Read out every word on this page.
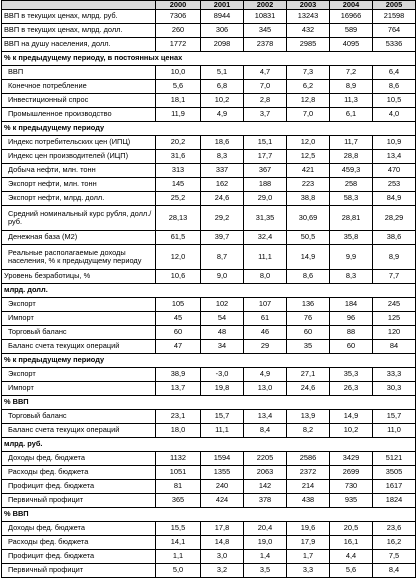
	2000	2001	2002	2003	2004	2005
ВВП в текущих ценах, млрд. руб.	7306	8944	10831	13243	16966	21598
ВВП в текущих ценах, млрд. долл.	260	306	345	432	589	764
ВВП на душу населения, долл.	1772	2098	2378	2985	4095	5336
% к предыдущему периоду, в постоянных ценах						
ВВП	10,0	5,1	4,7	7,3	7,2	6,4
Конечное потребление	5,6	6,8	7,0	6,2	8,9	8,6
Инвестиционный спрос	18,1	10,2	2,8	12,8	11,3	10,5
Промышленное производство	11,9	4,9	3,7	7,0	6,1	4,0
% к предыдущему периоду						
Индекс потребительских цен (ИПЦ)	20,2	18,6	15,1	12,0	11,7	10,9
Индекс цен производителей (ИЦП)	31,6	8,3	17,7	12,5	28,8	13,4
Добыча нефти, млн. тонн	313	337	367	421	459,3	470
Экспорт нефти, млн. тонн	145	162	188	223	258	253
Экспорт нефти, млрд. долл.	25,2	24,6	29,0	38,8	58,3	84,9
Средний номинальный курс рубля, долл./руб.	28,13	29,2	31,35	30,69	28,81	28,29
Денежная база (М2)	61,5	39,7	32,4	50,5	35,8	38,6
Реальные располагаемые доходы населения, % к предыдущему периоду	12,0	8,7	11,1	14,9	9,9	8,9
Уровень безработицы, %	10,6	9,0	8,0	8,6	8,3	7,7
млрд. долл.						
Экспорт	105	102	107	136	184	245
Импорт	45	54	61	76	96	125
Торговый баланс	60	48	46	60	88	120
Баланс счета текущих операций	47	34	29	35	60	84
% к предыдущему периоду						
Экспорт	38,9	-3,0	4,9	27,1	35,3	33,3
Импорт	13,7	19,8	13,0	24,6	26,3	30,3
% ВВП						
Торговый баланс	23,1	15,7	13,4	13,9	14,9	15,7
Баланс счета текущих операций	18,0	11,1	8,4	8,2	10,2	11,0
млрд. руб.						
Доходы фед. бюджета	1132	1594	2205	2586	3429	5121
Расходы фед. бюджета	1051	1355	2063	2372	2699	3505
Профицит фед. бюджета	81	240	142	214	730	1617
Первичный профицит	365	424	378	438	935	1824
% ВВП						
Доходы фед. бюджета	15,5	17,8	20,4	19,6	20,5	23,6
Расходы фед. бюджета	14,1	14,8	19,0	17,9	16,1	16,2
Профицит фед. бюджета	1,1	3,0	1,4	1,7	4,4	7,5
Первичный профицит	5,0	3,2	3,5	3,3	5,6	8,4
